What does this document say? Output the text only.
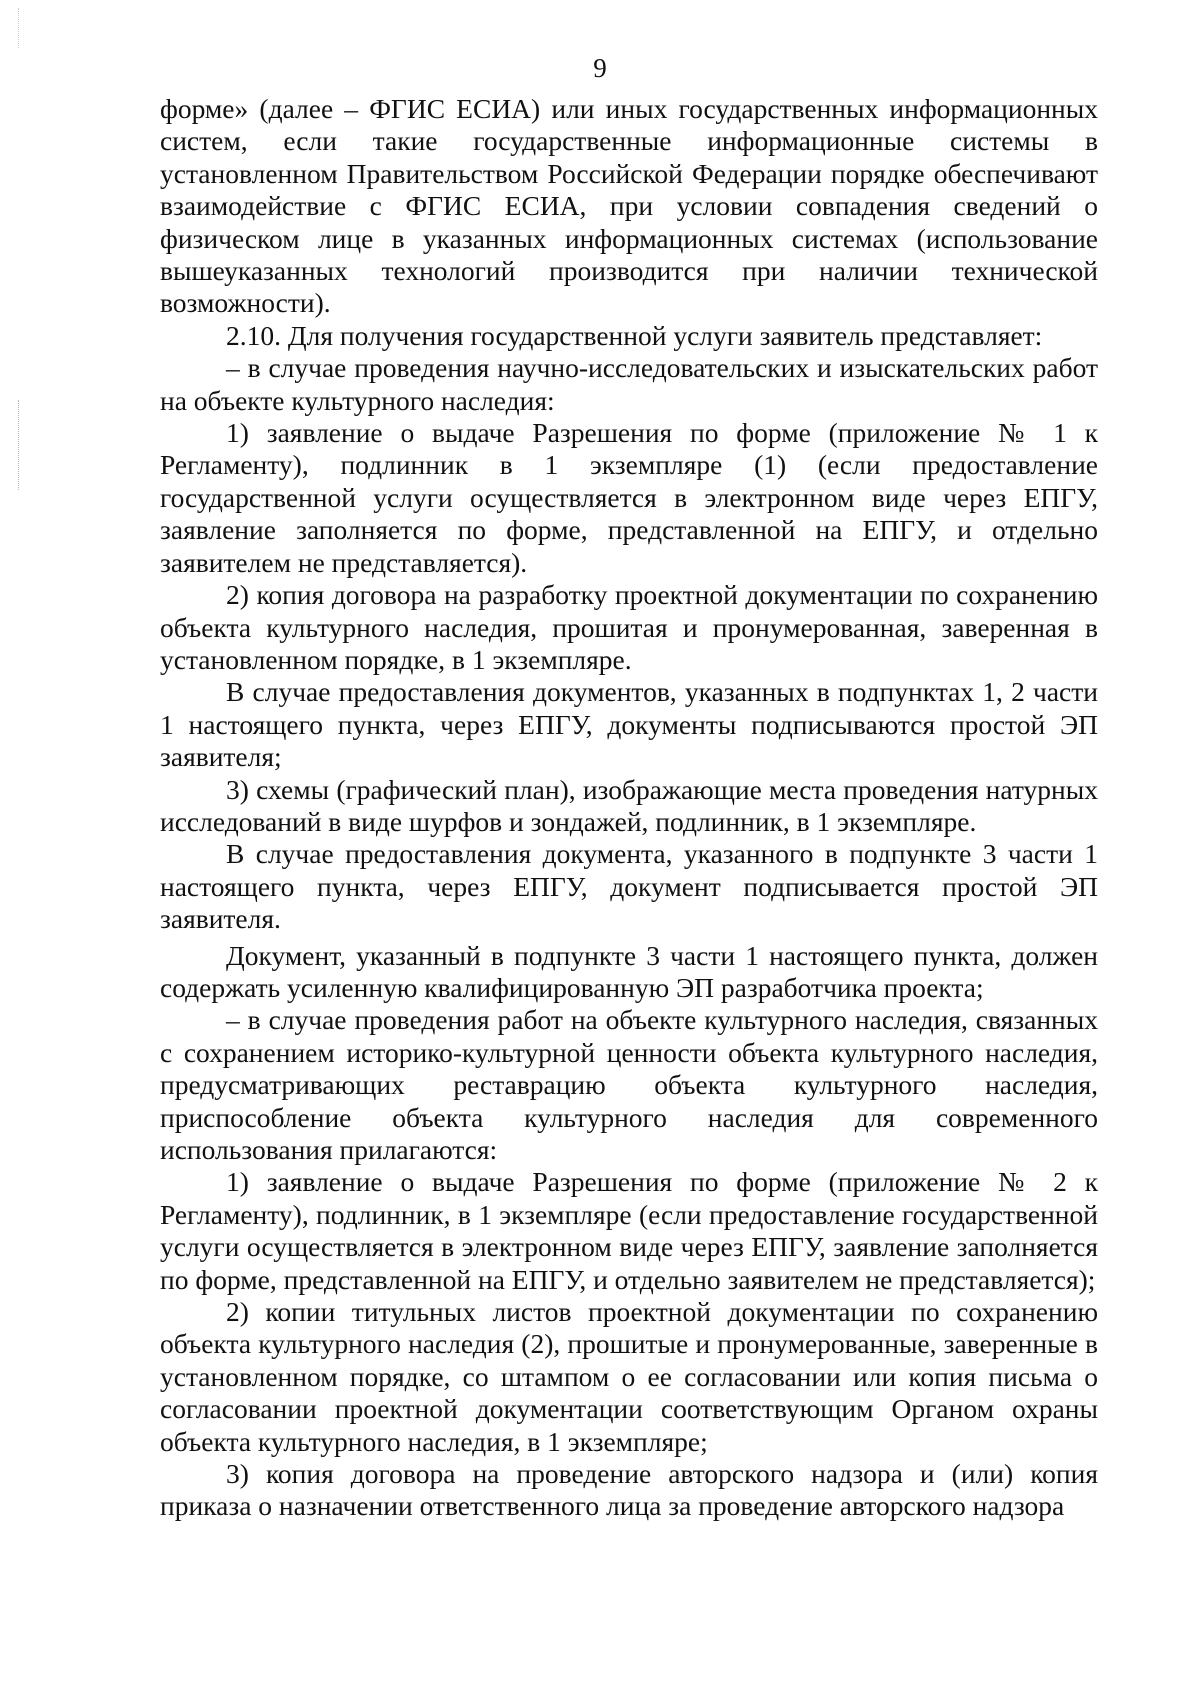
9

форме» (далее – ФГИС ЕСИА) или иных государственных информационных систем, если такие государственные информационные системы в установленном Правительством Российской Федерации порядке обеспечивают взаимодействие с ФГИС ЕСИА, при условии совпадения сведений о физическом лице в указанных информационных системах (использование вышеуказанных технологий производится при наличии технической возможности).

2.10. Для получения государственной услуги заявитель представляет:

– в случае проведения научно-исследовательских и изыскательских работ на объекте культурного наследия:

1) заявление о выдаче Разрешения по форме (приложение № 1 к Регламенту), подлинник в 1 экземпляре (1) (если предоставление государственной услуги осуществляется в электронном виде через ЕПГУ, заявление заполняется по форме, представленной на ЕПГУ, и отдельно заявителем не представляется).

2) копия договора на разработку проектной документации по сохранению объекта культурного наследия, прошитая и пронумерованная, заверенная в установленном порядке, в 1 экземпляре.

В случае предоставления документов, указанных в подпунктах 1, 2 части 1 настоящего пункта, через ЕПГУ, документы подписываются простой ЭП заявителя;

3) схемы (графический план), изображающие места проведения натурных исследований в виде шурфов и зондажей, подлинник, в 1 экземпляре.

В случае предоставления документа, указанного в подпункте 3 части 1 настоящего пункта, через ЕПГУ, документ подписывается простой ЭП заявителя.

Документ, указанный в подпункте 3 части 1 настоящего пункта, должен содержать усиленную квалифицированную ЭП разработчика проекта;

– в случае проведения работ на объекте культурного наследия, связанных с сохранением историко-культурной ценности объекта культурного наследия, предусматривающих реставрацию объекта культурного наследия, приспособление объекта культурного наследия для современного использования прилагаются:

1) заявление о выдаче Разрешения по форме (приложение № 2 к Регламенту), подлинник, в 1 экземпляре (если предоставление государственной услуги осуществляется в электронном виде через ЕПГУ, заявление заполняется по форме, представленной на ЕПГУ, и отдельно заявителем не представляется);

2) копии титульных листов проектной документации по сохранению объекта культурного наследия (2), прошитые и пронумерованные, заверенные в установленном порядке, со штампом о ее согласовании или копия письма о согласовании проектной документации соответствующим Органом охраны объекта культурного наследия, в 1 экземпляре;

3) копия договора на проведение авторского надзора и (или) копия приказа о назначении ответственного лица за проведение авторского надзора
